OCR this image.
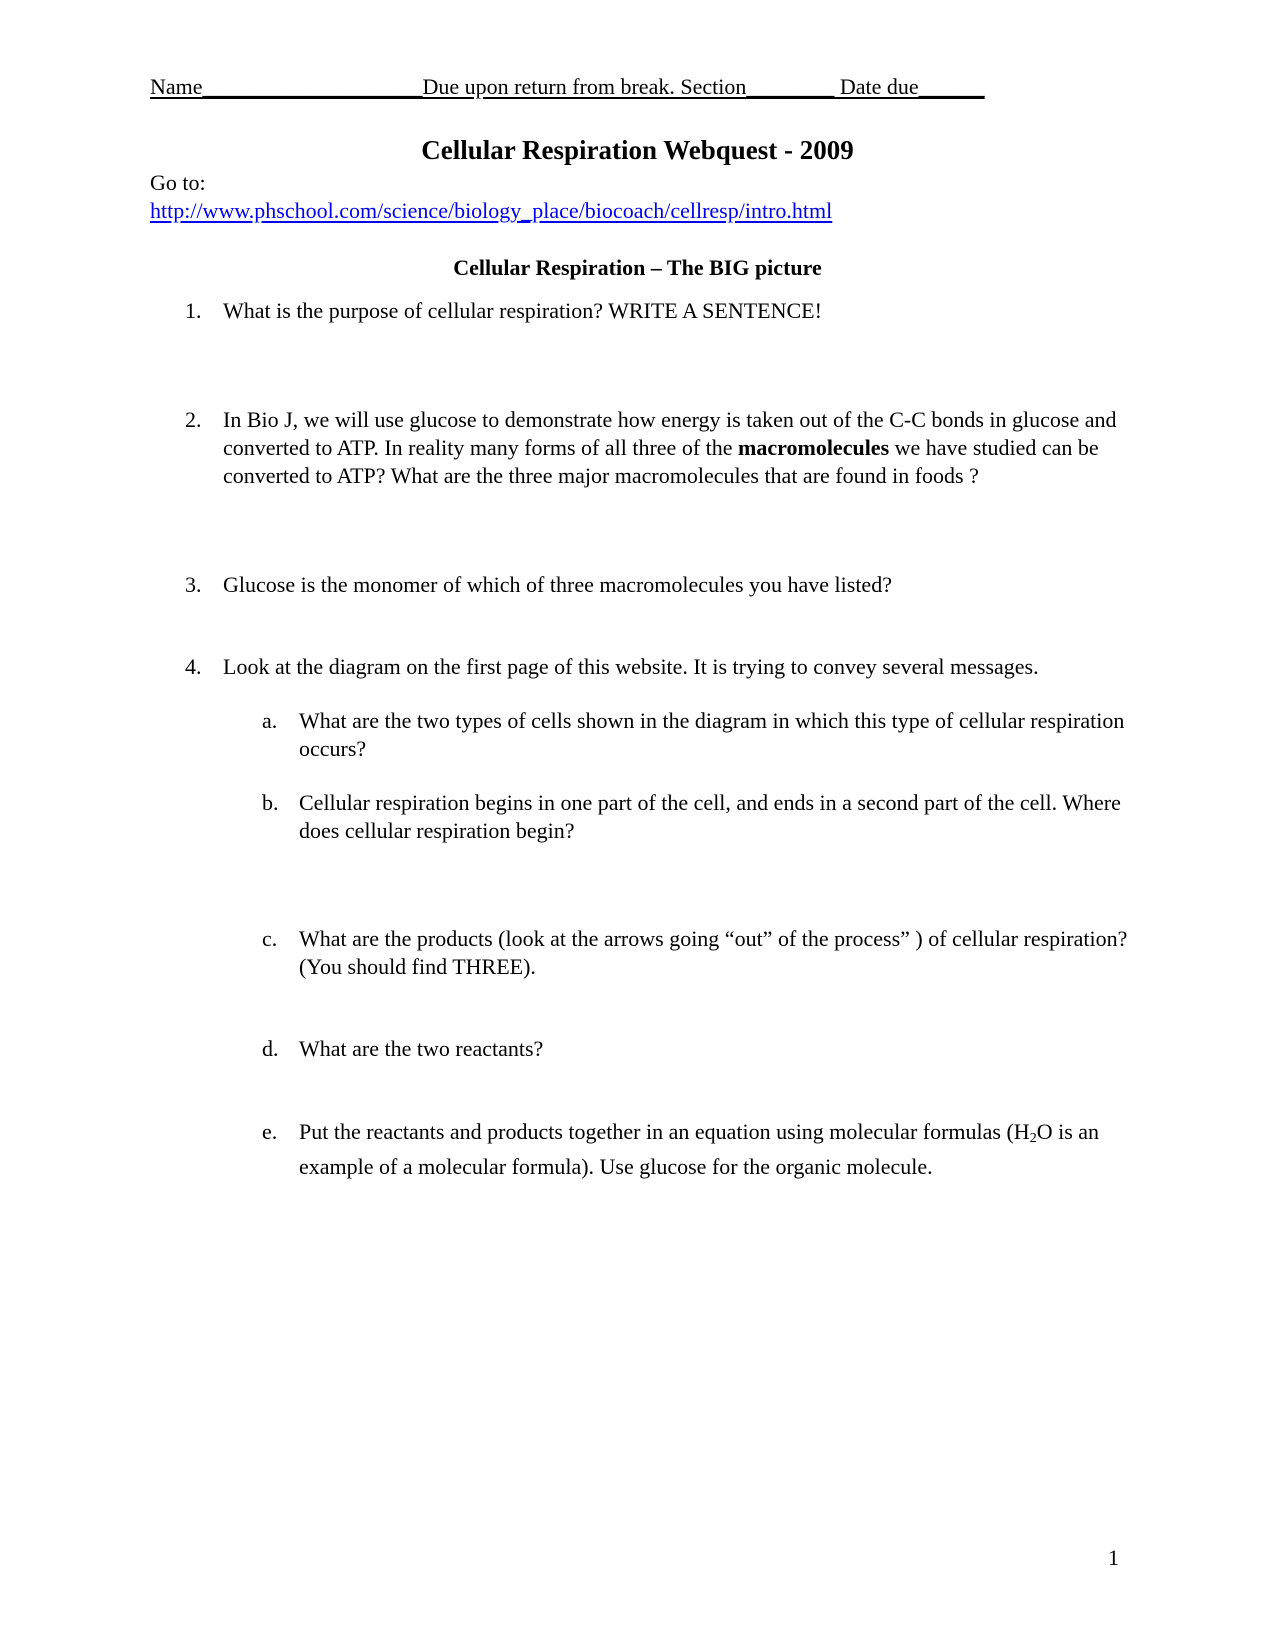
Name____________________Due upon return from break. Section________ Date due______
Cellular Respiration Webquest - 2009
Go to:
http://www.phschool.com/science/biology_place/biocoach/cellresp/intro.html
Cellular Respiration – The BIG picture
1. What is the purpose of cellular respiration? WRITE A SENTENCE!
2. In Bio J, we will use glucose to demonstrate how energy is taken out of the C-C bonds in glucose and converted to ATP. In reality many forms of all three of the macromolecules we have studied can be converted to ATP? What are the three major macromolecules that are found in foods ?
3. Glucose is the monomer of which of three macromolecules you have listed?
4. Look at the diagram on the first page of this website. It is trying to convey several messages.
a. What are the two types of cells shown in the diagram in which this type of cellular respiration occurs?
b. Cellular respiration begins in one part of the cell, and ends in a second part of the cell. Where does cellular respiration begin?
c. What are the products (look at the arrows going “out” of the process” ) of cellular respiration? (You should find THREE).
d. What are the two reactants?
e. Put the reactants and products together in an equation using molecular formulas ($H_2O$ is an example of a molecular formula). Use glucose for the organic molecule.
1
